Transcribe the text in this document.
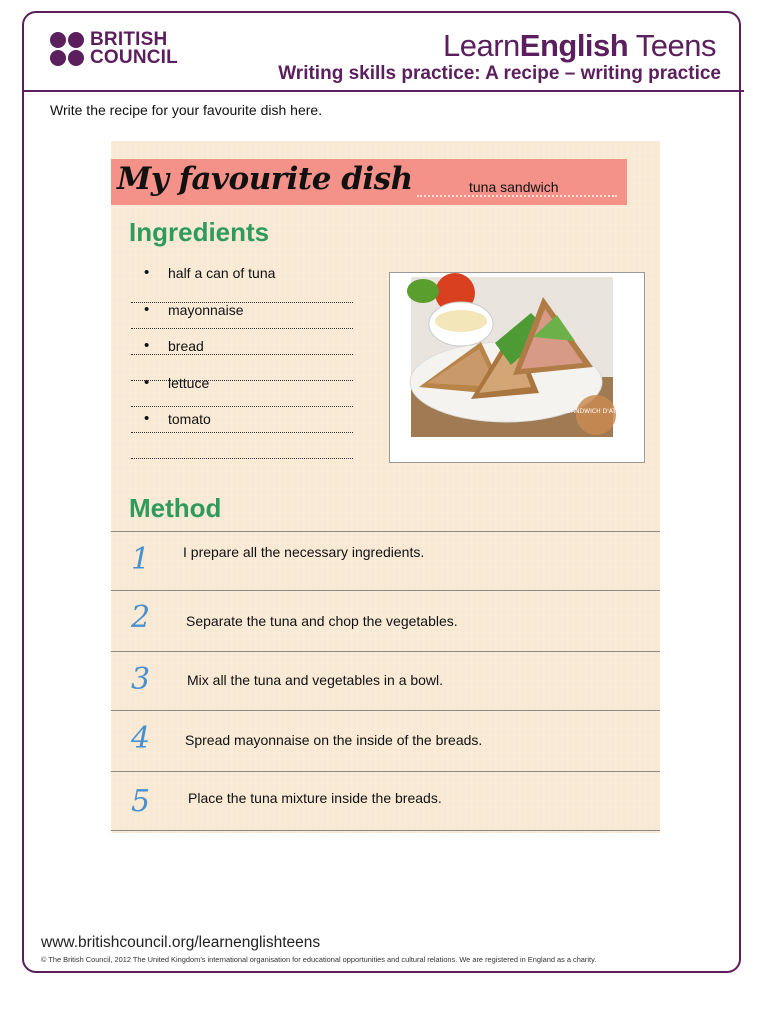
BRITISH
COUNCIL	LearnEnglish Teens
Writing skills practice: A recipe – writing practice
Write the recipe for your favourite dish here.
My favourite dish	tuna sandwich
Ingredients
• half a can of tuna
• mayonnaise
• bread
• lettuce
• tomato	SANDWICH D'ATUN
Method
1 I prepare all the necessary ingredients.
2	Separate the tuna and chop the vegetables.
3	Mix all the tuna and vegetables in a bowl.
4 Spread mayonnaise on the inside of the breads.
5	Place the tuna mixture inside the breads.
www.britishcouncil.org/learnenglishteens
© The British Council, 2012 The United Kingdom’s international organisation for educational opportunities and cultural relations. We are registered in England as a charity.
